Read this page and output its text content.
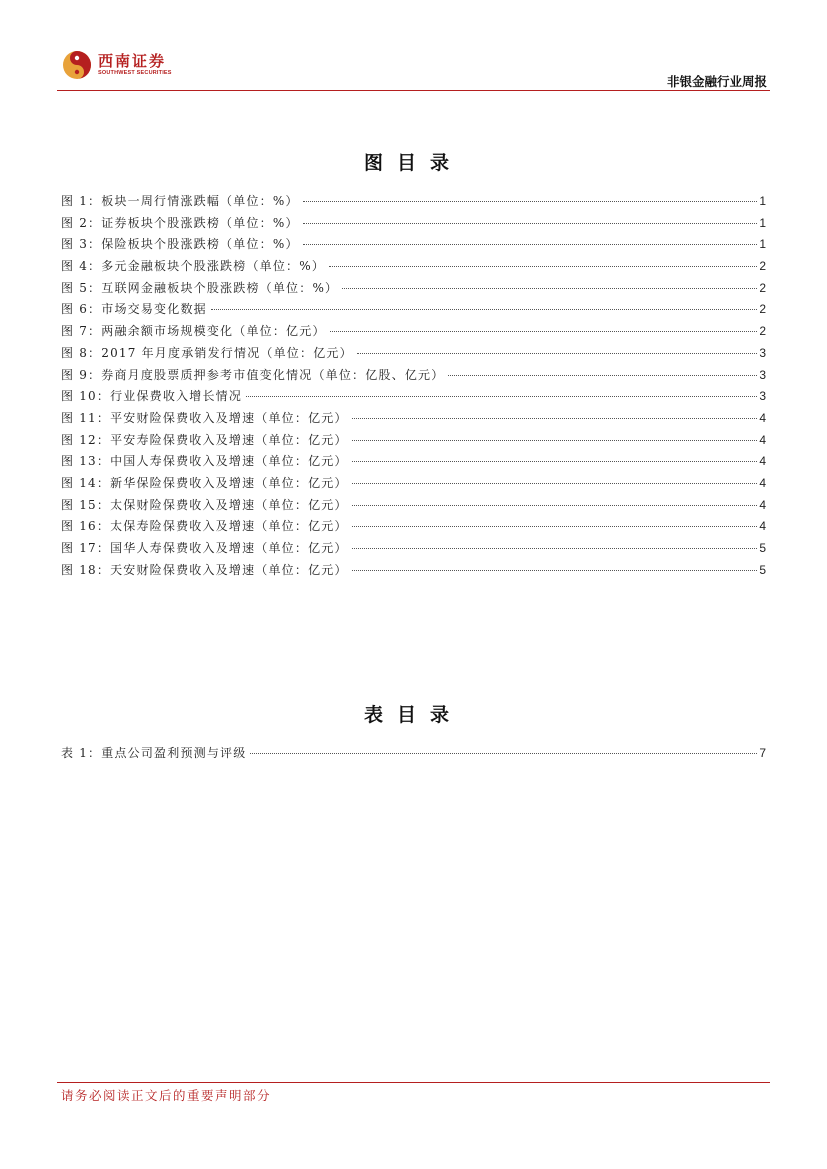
西南证券
SOUTHWEST SECURITIES
非银金融行业周报
图目录
图 1：板块一周行情涨跌幅（单位：%）	1
图 2：证券板块个股涨跌榜（单位：%）	1
图 3：保险板块个股涨跌榜（单位：%）	1
图 4：多元金融板块个股涨跌榜（单位：%）	2
图 5：互联网金融板块个股涨跌榜（单位：%）	2
图 6：市场交易变化数据	2
图 7：两融余额市场规模变化（单位：亿元）	2
图 8：2017 年月度承销发行情况（单位：亿元）	3
图 9：券商月度股票质押参考市值变化情况（单位：亿股、亿元）	3
图 10：行业保费收入增长情况	3
图 11：平安财险保费收入及增速（单位：亿元）	4
图 12：平安寿险保费收入及增速（单位：亿元）	4
图 13：中国人寿保费收入及增速（单位：亿元）	4
图 14：新华保险保费收入及增速（单位：亿元）	4
图 15：太保财险保费收入及增速（单位：亿元）	4
图 16：太保寿险保费收入及增速（单位：亿元）	4
图 17：国华人寿保费收入及增速（单位：亿元）	5
图 18：天安财险保费收入及增速（单位：亿元）	5
表目录
表 1：重点公司盈利预测与评级	7
请务必阅读正文后的重要声明部分
